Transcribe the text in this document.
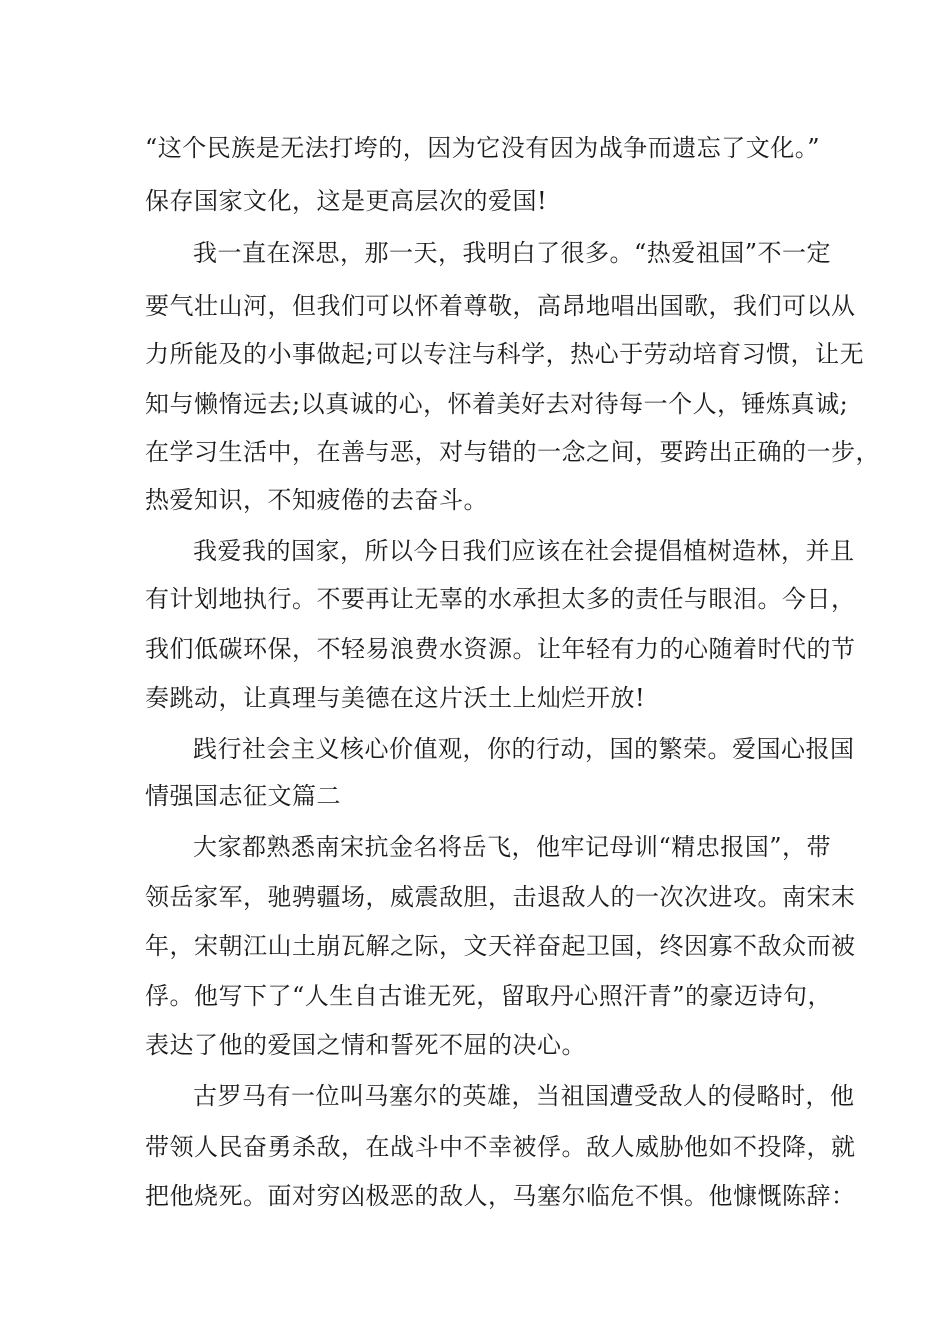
“这个民族是无法打垮的，因为它没有因为战争而遗忘了文化。”
保存国家文化，这是更高层次的爱国!
我一直在深思，那一天，我明白了很多。“热爱祖国”不一定
要气壮山河，但我们可以怀着尊敬，高昂地唱出国歌，我们可以从
力所能及的小事做起;可以专注与科学，热心于劳动培育习惯，让无
知与懒惰远去;以真诚的心，怀着美好去对待每一个人，锤炼真诚;
在学习生活中，在善与恶，对与错的一念之间，要跨出正确的一步，
热爱知识，不知疲倦的去奋斗。
我爱我的国家，所以今日我们应该在社会提倡植树造林，并且
有计划地执行。不要再让无辜的水承担太多的责任与眼泪。今日，
我们低碳环保，不轻易浪费水资源。让年轻有力的心随着时代的节
奏跳动，让真理与美德在这片沃土上灿烂开放!
践行社会主义核心价值观，你的行动，国的繁荣。爱国心报国
情强国志征文篇二
大家都熟悉南宋抗金名将岳飞，他牢记母训“精忠报国”，带
领岳家军，驰骋疆场，威震敌胆，击退敌人的一次次进攻。南宋末
年，宋朝江山土崩瓦解之际，文天祥奋起卫国，终因寡不敌众而被
俘。他写下了“人生自古谁无死，留取丹心照汗青”的豪迈诗句，
表达了他的爱国之情和誓死不屈的决心。
古罗马有一位叫马塞尔的英雄，当祖国遭受敌人的侵略时，他
带领人民奋勇杀敌，在战斗中不幸被俘。敌人威胁他如不投降，就
把他烧死。面对穷凶极恶的敌人，马塞尔临危不惧。他慷慨陈辞：
